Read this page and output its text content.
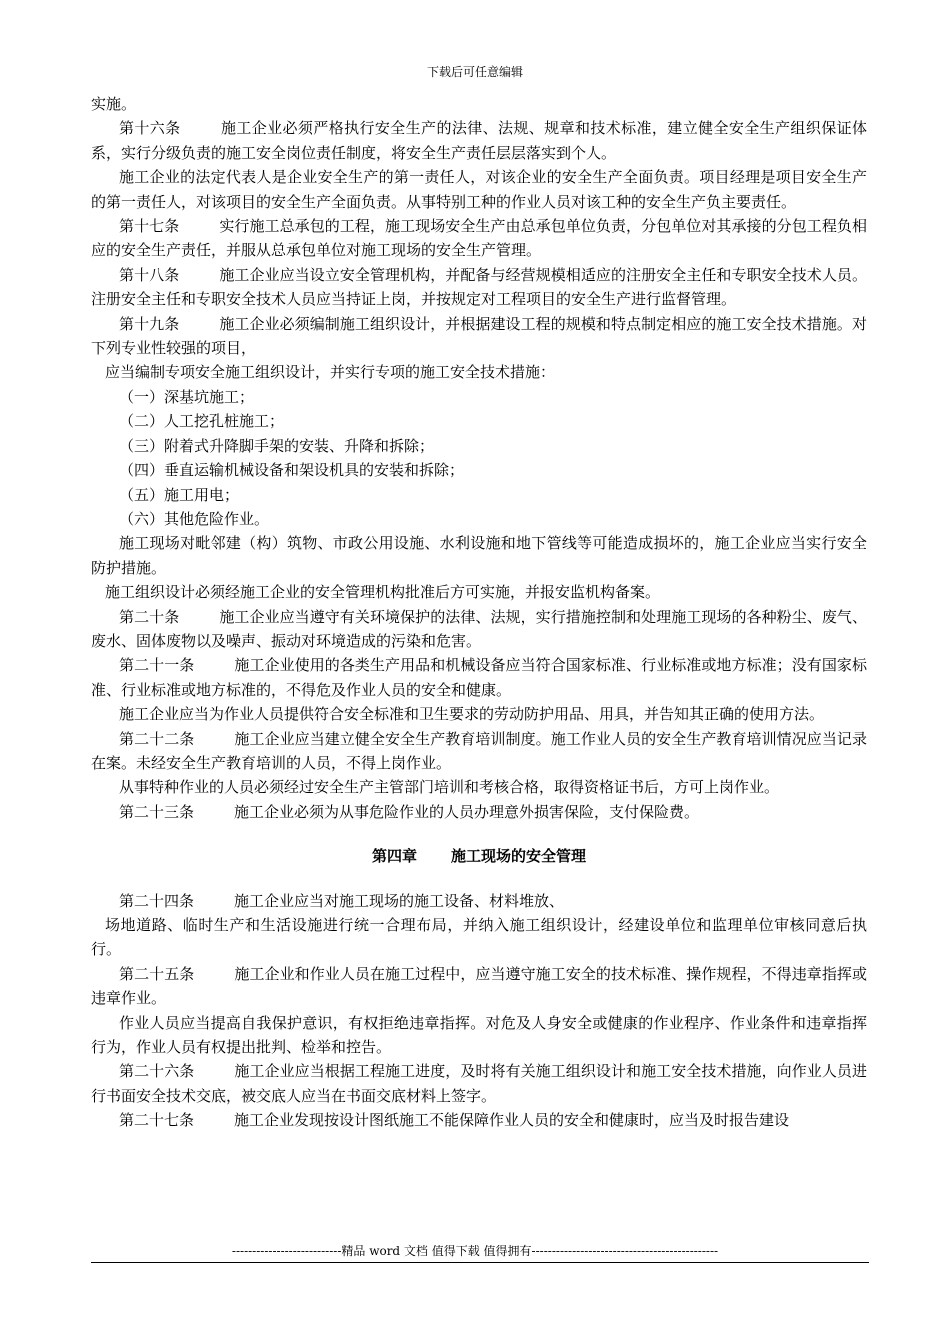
下载后可任意编辑

实施。

第十六条	施工企业必须严格执行安全生产的法律、法规、规章和技术标准，建立健全安全生产组织保证体系，实行分级负责的施工安全岗位责任制度，将安全生产责任层层落实到个人。

施工企业的法定代表人是企业安全生产的第一责任人，对该企业的安全生产全面负责。项目经理是项目安全生产的第一责任人，对该项目的安全生产全面负责。从事特别工种的作业人员对该工种的安全生产负主要责任。

第十七条	实行施工总承包的工程，施工现场安全生产由总承包单位负责，分包单位对其承接的分包工程负相应的安全生产责任，并服从总承包单位对施工现场的安全生产管理。

第十八条	施工企业应当设立安全管理机构，并配备与经营规模相适应的注册安全主任和专职安全技术人员。注册安全主任和专职安全技术人员应当持证上岗，并按规定对工程项目的安全生产进行监督管理。

第十九条	施工企业必须编制施工组织设计，并根据建设工程的规模和特点制定相应的施工安全技术措施。对下列专业性较强的项目，

应当编制专项安全施工组织设计，并实行专项的施工安全技术措施：

（一）深基坑施工；

（二）人工挖孔桩施工；

（三）附着式升降脚手架的安装、升降和拆除；

（四）垂直运输机械设备和架设机具的安装和拆除；

（五）施工用电；

（六）其他危险作业。

施工现场对毗邻建（构）筑物、市政公用设施、水利设施和地下管线等可能造成损坏的，施工企业应当实行安全防护措施。

施工组织设计必须经施工企业的安全管理机构批准后方可实施，并报安监机构备案。

第二十条	施工企业应当遵守有关环境保护的法律、法规，实行措施控制和处理施工现场的各种粉尘、废气、废水、固体废物以及噪声、振动对环境造成的污染和危害。

第二十一条	施工企业使用的各类生产用品和机械设备应当符合国家标准、行业标准或地方标准；没有国家标准、行业标准或地方标准的，不得危及作业人员的安全和健康。

施工企业应当为作业人员提供符合安全标准和卫生要求的劳动防护用品、用具，并告知其正确的使用方法。

第二十二条	施工企业应当建立健全安全生产教育培训制度。施工作业人员的安全生产教育培训情况应当记录在案。未经安全生产教育培训的人员，不得上岗作业。

从事特种作业的人员必须经过安全生产主管部门培训和考核合格，取得资格证书后，方可上岗作业。

第二十三条	施工企业必须为从事危险作业的人员办理意外损害保险，支付保险费。

第四章 施工现场的安全管理

第二十四条	施工企业应当对施工现场的施工设备、材料堆放、

场地道路、临时生产和生活设施进行统一合理布局，并纳入施工组织设计，经建设单位和监理单位审核同意后执行。

第二十五条	施工企业和作业人员在施工过程中，应当遵守施工安全的技术标准、操作规程，不得违章指挥或违章作业。

作业人员应当提高自我保护意识，有权拒绝违章指挥。对危及人身安全或健康的作业程序、作业条件和违章指挥行为，作业人员有权提出批判、检举和控告。

第二十六条	施工企业应当根据工程施工进度，及时将有关施工组织设计和施工安全技术措施，向作业人员进行书面安全技术交底，被交底人应当在书面交底材料上签字。

第二十七条	施工企业发现按设计图纸施工不能保障作业人员的安全和健康时，应当及时报告建设

---------------------------精品 word 文档 值得下载 值得拥有----------------------------------------------
